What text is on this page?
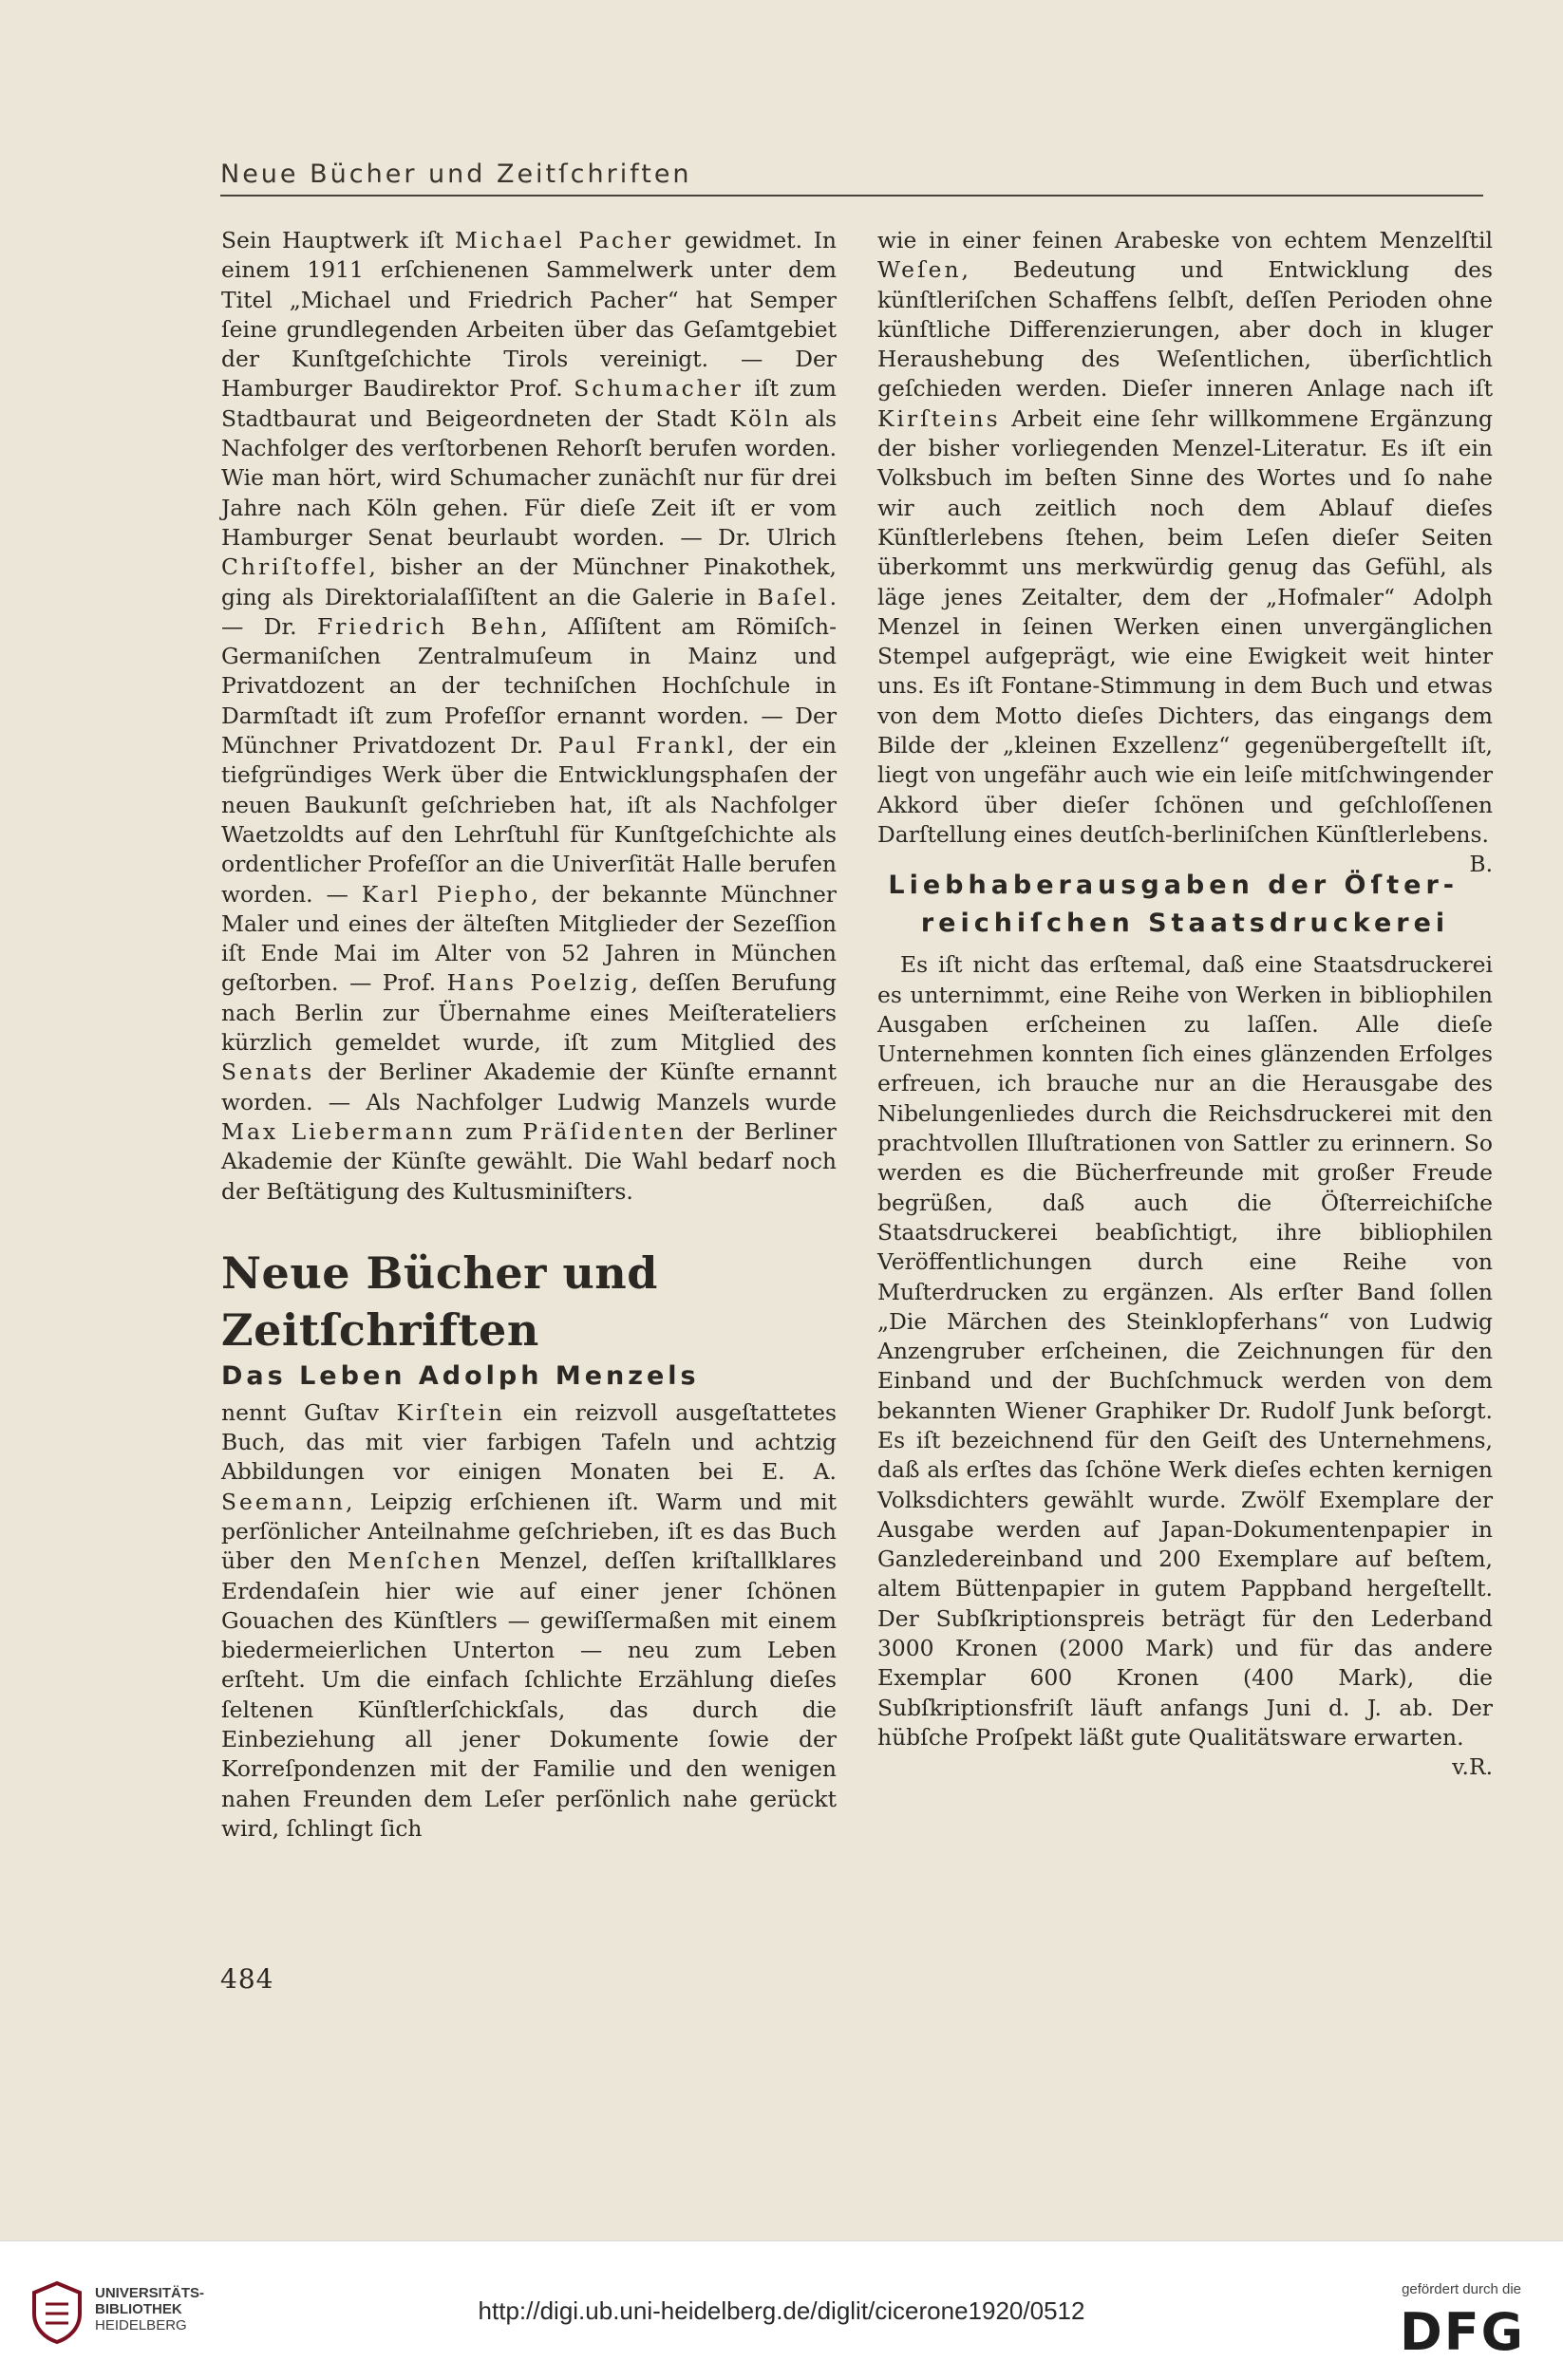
Neue Bücher und Zeitſchriften

Sein Hauptwerk iſt Michael Pacher gewidmet. In einem 1911 erſchienenen Sammelwerk unter dem Titel „Michael und Friedrich Pacher“ hat Semper ſeine grundlegenden Arbeiten über das Geſamtgebiet der Kunſtgeſchichte Tirols vereinigt. — Der Hamburger Baudirektor Prof. Schumacher iſt zum Stadtbaurat und Beigeordneten der Stadt Köln als Nachfolger des verſtorbenen Rehorſt berufen worden. Wie man hört, wird Schumacher zunächſt nur für drei Jahre nach Köln gehen. Für dieſe Zeit iſt er vom Hamburger Senat beurlaubt worden. — Dr. Ulrich Chriſtoffel, bisher an der Münchner Pinakothek, ging als Direktorialaſſiſtent an die Galerie in Baſel. — Dr. Friedrich Behn, Aſſiſtent am Römiſch-Germaniſchen Zentralmuſeum in Mainz und Privatdozent an der techniſchen Hochſchule in Darmſtadt iſt zum Profeſſor ernannt worden. — Der Münchner Privatdozent Dr. Paul Frankl, der ein tiefgründiges Werk über die Entwicklungsphaſen der neuen Baukunſt geſchrieben hat, iſt als Nachfolger Waetzoldts auf den Lehrſtuhl für Kunſtgeſchichte als ordentlicher Profeſſor an die Univerſität Halle berufen worden. — Karl Piepho, der bekannte Münchner Maler und eines der älteſten Mitglieder der Sezeſſion iſt Ende Mai im Alter von 52 Jahren in München geſtorben. — Prof. Hans Poelzig, deſſen Berufung nach Berlin zur Übernahme eines Meiſterateliers kürzlich gemeldet wurde, iſt zum Mitglied des Senats der Berliner Akademie der Künſte ernannt worden. — Als Nachfolger Ludwig Manzels wurde Max Liebermann zum Präſidenten der Berliner Akademie der Künſte gewählt. Die Wahl bedarf noch der Beſtätigung des Kultusminiſters.

Neue Bücher und Zeitſchriften
Das Leben Adolph Menzels

nennt Guſtav Kirſtein ein reizvoll ausgeſtattetes Buch, das mit vier farbigen Tafeln und achtzig Abbildungen vor einigen Monaten bei E. A. Seemann, Leipzig erſchienen iſt. Warm und mit perſönlicher Anteilnahme geſchrieben, iſt es das Buch über den Menſchen Menzel, deſſen kriſtallklares Erdendaſein hier wie auf einer jener ſchönen Gouachen des Künſtlers — gewiſſermaßen mit einem biedermeierlichen Unterton — neu zum Leben erſteht. Um die einfach ſchlichte Erzählung dieſes ſeltenen Künſtlerſchickſals, das durch die Einbeziehung all jener Dokumente ſowie der Korreſpondenzen mit der Familie und den wenigen nahen Freunden dem Leſer perſönlich nahe gerückt wird, ſchlingt ſich

wie in einer feinen Arabeske von echtem Menzelſtil Weſen, Bedeutung und Entwicklung des künſtleriſchen Schaffens ſelbſt, deſſen Perioden ohne künſtliche Differenzierungen, aber doch in kluger Heraushebung des Weſentlichen, überſichtlich geſchieden werden. Dieſer inneren Anlage nach iſt Kirſteins Arbeit eine ſehr willkommene Ergänzung der bisher vorliegenden Menzel-Literatur. Es iſt ein Volksbuch im beſten Sinne des Wortes und ſo nahe wir auch zeitlich noch dem Ablauf dieſes Künſtlerlebens ſtehen, beim Leſen dieſer Seiten überkommt uns merkwürdig genug das Gefühl, als läge jenes Zeitalter, dem der „Hofmaler“ Adolph Menzel in ſeinen Werken einen unvergänglichen Stempel aufgeprägt, wie eine Ewigkeit weit hinter uns. Es iſt Fontane-Stimmung in dem Buch und etwas von dem Motto dieſes Dichters, das eingangs dem Bilde der „kleinen Exzellenz“ gegenübergeſtellt iſt, liegt von ungefähr auch wie ein leiſe mitſchwingender Akkord über dieſer ſchönen und geſchloſſenen Darſtellung eines deutſch-berliniſchen Künſtlerlebens.
B.

Liebhaberausgaben der Öſter-
reichiſchen Staatsdruckerei

Es iſt nicht das erſtemal, daß eine Staatsdruckerei es unternimmt, eine Reihe von Werken in bibliophilen Ausgaben erſcheinen zu laſſen. Alle dieſe Unternehmen konnten ſich eines glänzenden Erfolges erfreuen, ich brauche nur an die Herausgabe des Nibelungenliedes durch die Reichsdruckerei mit den prachtvollen Illuſtrationen von Sattler zu erinnern. So werden es die Bücherfreunde mit großer Freude begrüßen, daß auch die Öſterreichiſche Staatsdruckerei beabſichtigt, ihre bibliophilen Veröffentlichungen durch eine Reihe von Muſterdrucken zu ergänzen. Als erſter Band ſollen „Die Märchen des Steinklopferhans“ von Ludwig Anzengruber erſcheinen, die Zeichnungen für den Einband und der Buchſchmuck werden von dem bekannten Wiener Graphiker Dr. Rudolf Junk beſorgt. Es iſt bezeichnend für den Geiſt des Unternehmens, daß als erſtes das ſchöne Werk dieſes echten kernigen Volksdichters gewählt wurde. Zwölf Exemplare der Ausgabe werden auf Japan-Dokumentenpapier in Ganzledereinband und 200 Exemplare auf beſtem, altem Büttenpapier in gutem Pappband hergeſtellt. Der Subſkriptionspreis beträgt für den Lederband 3000 Kronen (2000 Mark) und für das andere Exemplar 600 Kronen (400 Mark), die Subſkriptionsfriſt läuft anfangs Juni d. J. ab. Der hübſche Proſpekt läßt gute Qualitätsware erwarten.
v.R.

484
UNIVERSITÄTS-
BIBLIOTHEK
HEIDELBERG
http://digi.ub.uni-heidelberg.de/diglit/cicerone1920/0512
gefördert durch die
DFG
